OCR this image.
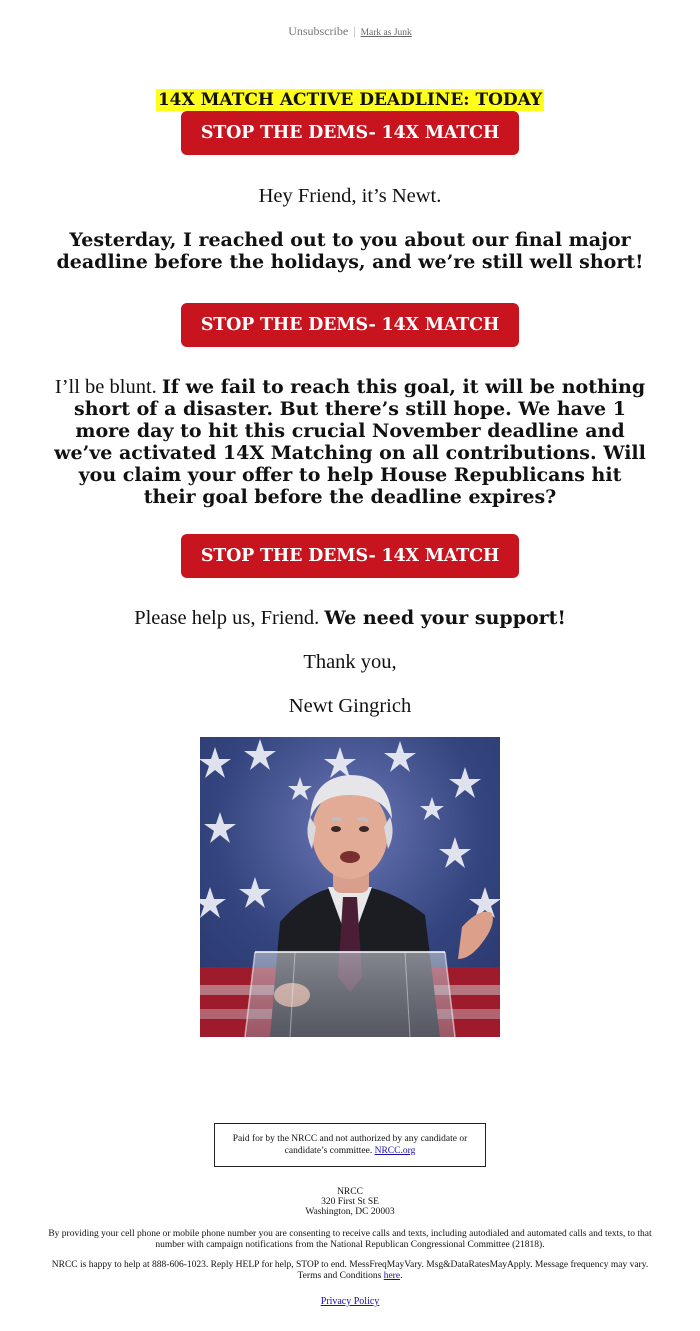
Unsubscribe | Mark as Junk
14X MATCH ACTIVE DEADLINE: TODAY
STOP THE DEMS- 14X MATCH
Hey Friend, it’s Newt.
Yesterday, I reached out to you about our final major deadline before the holidays, and we’re still well short!
STOP THE DEMS- 14X MATCH
I’ll be blunt. If we fail to reach this goal, it will be nothing short of a disaster. But there’s still hope. We have 1 more day to hit this crucial November deadline and we’ve activated 14X Matching on all contributions. Will you claim your offer to help House Republicans hit their goal before the deadline expires?
STOP THE DEMS- 14X MATCH
Please help us, Friend. We need your support!
Thank you,
Newt Gingrich
Paid for by the NRCC and not authorized by any candidate or candidate’s committee. NRCC.org
NRCC
320 First St SE
Washington, DC 20003
By providing your cell phone or mobile phone number you are consenting to receive calls and texts, including autodialed and automated calls and texts, to that number with campaign notifications from the National Republican Congressional Committee (21818).
NRCC is happy to help at 888-606-1023. Reply HELP for help, STOP to end. MessFreqMayVary. Msg&DataRatesMayApply. Message frequency may vary. Terms and Conditions here.
Privacy Policy
